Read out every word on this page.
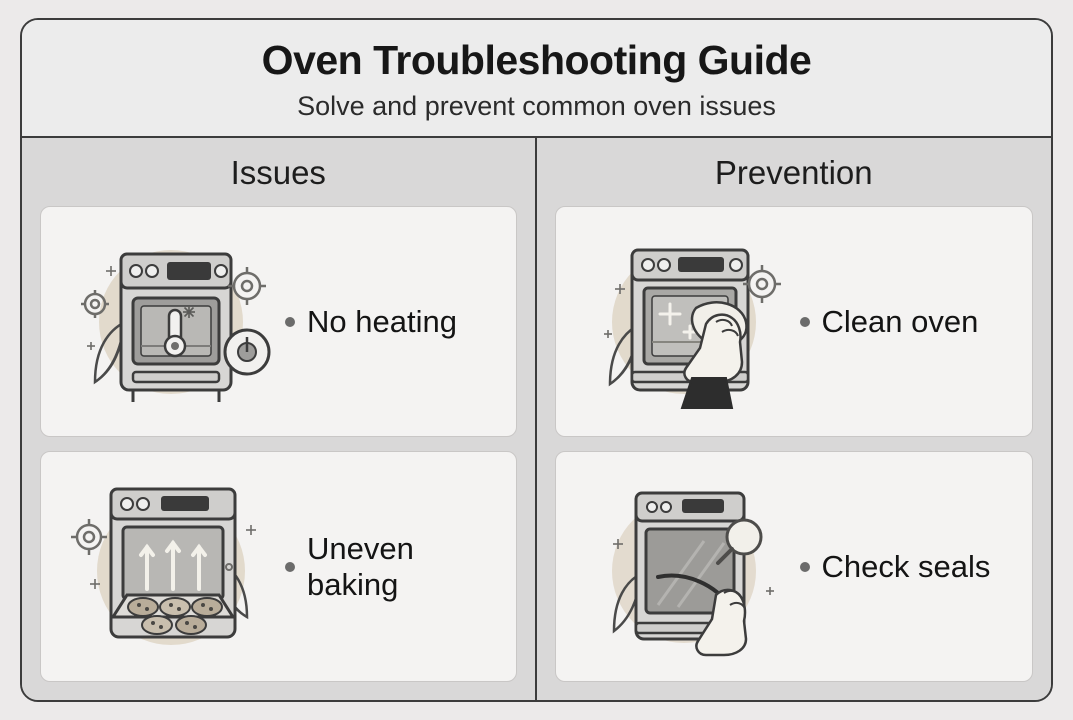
Oven Troubleshooting Guide
Solve and prevent common oven issues
Issues
No heating
Uneven baking
Prevention
Clean oven
Check seals
